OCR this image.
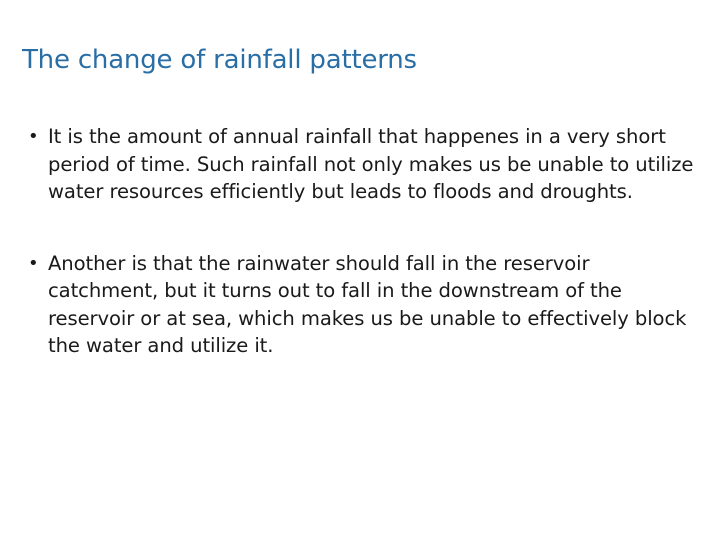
The change of rainfall patterns
• It is the amount of annual rainfall that happenes in a very short period of time. Such rainfall not only makes us be unable to utilize water resources efficiently but leads to floods and droughts.
• Another is that the rainwater should fall in the reservoir catchment, but it turns out to fall in the downstream of the reservoir or at sea, which makes us be unable to effectively block the water and utilize it.
